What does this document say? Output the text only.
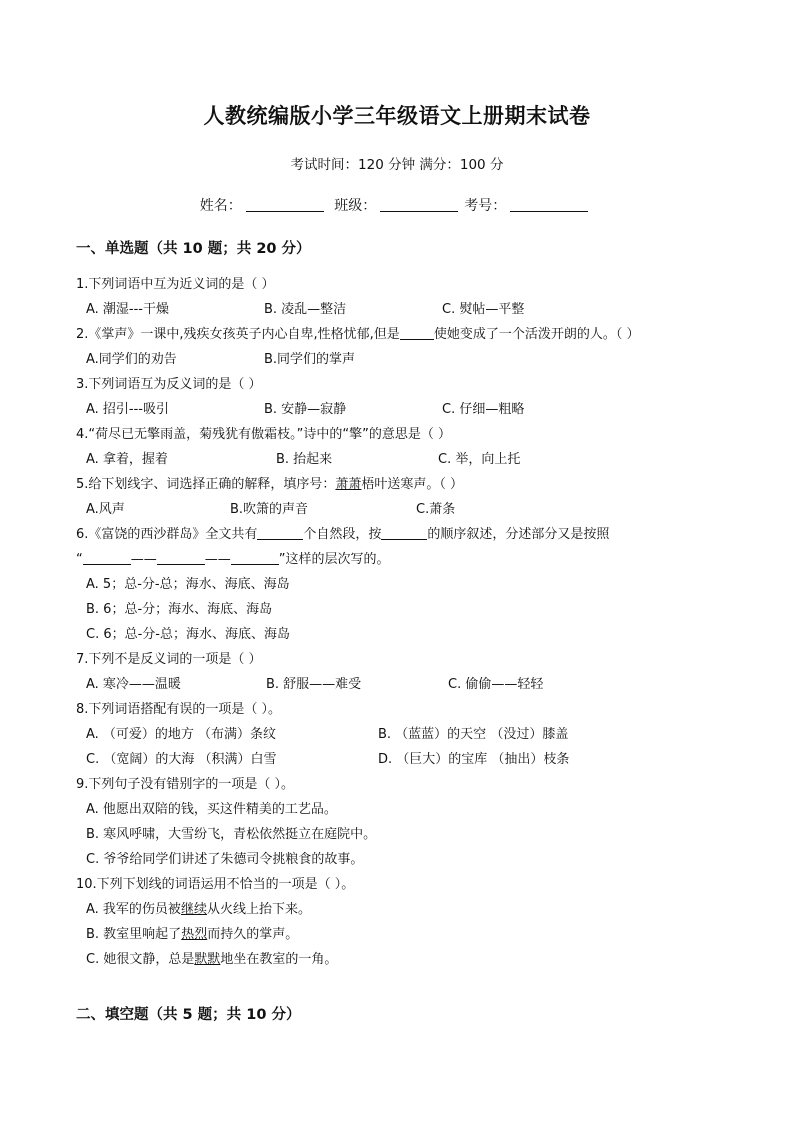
人教统编版小学三年级语文上册期末试卷
考试时间：120 分钟 满分：100 分
姓名：	班级：	考号：
一、单选题（共 10 题；共 20 分）
1.下列词语中互为近义词的是（ ）
A. 潮湿---干燥	B. 凌乱—整洁	C. 熨帖—平整
2.《掌声》一课中,残疾女孩英子内心自卑,性格忧郁,但是	使她变成了一个活泼开朗的人。（ ）
A.同学们的劝告	B.同学们的掌声
3.下列词语互为反义词的是（ ）
A. 招引---吸引	B. 安静—寂静	C. 仔细—粗略
4.“荷尽已无擎雨盖，菊残犹有傲霜枝。”诗中的“擎”的意思是（ ）
A. 拿着，握着	B. 抬起来	C. 举，向上托
5.给下划线字、词选择正确的解释，填序号：萧萧梧叶送寒声。（ ）
A.风声	B.吹箫的声音	C.萧条
6.《富饶的西沙群岛》全文共有	个自然段，按	的顺序叙述，分述部分又是按照
“	——	——	”这样的层次写的。
A. 5；总-分-总；海水、海底、海岛
B. 6；总-分；海水、海底、海岛
C. 6；总-分-总；海水、海底、海岛
7.下列不是反义词的一项是（ ）
A. 寒冷——温暖	B. 舒服——难受	C. 偷偷——轻轻
8.下列词语搭配有误的一项是（ ）。
A. （可爱）的地方 （布满）条纹	B. （蓝蓝）的天空 （没过）膝盖
C. （宽阔）的大海 （积满）白雪	D. （巨大）的宝库 （抽出）枝条
9.下列句子没有错别字的一项是（ ）。
A. 他愿出双陪的钱，买这件精美的工艺品。
B. 寒风呼啸，大雪纷飞，青松依然挺立在庭院中。
C. 爷爷给同学们讲述了朱德司令挑粮食的故事。
10.下列下划线的词语运用不恰当的一项是（ ）。
A. 我军的伤员被继续从火线上抬下来。
B. 教室里响起了热烈而持久的掌声。
C. 她很文静，总是默默地坐在教室的一角。
二、填空题（共 5 题；共 10 分）
